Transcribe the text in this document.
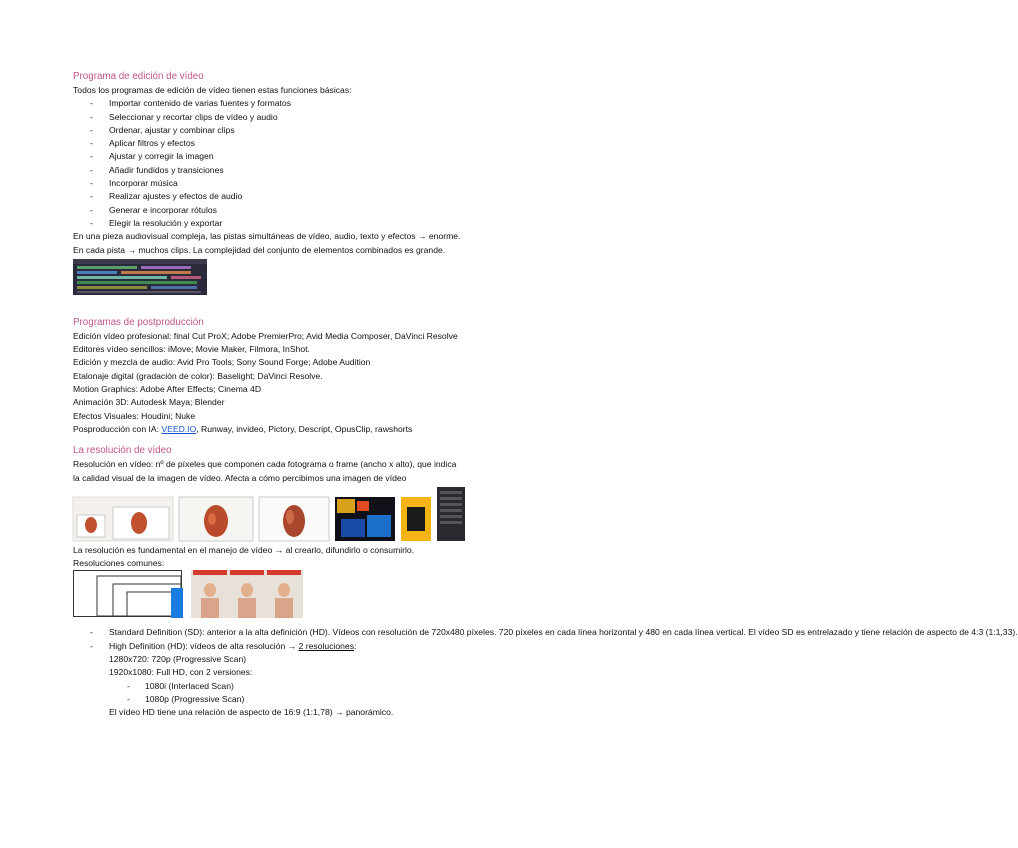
Programa de edición de vídeo
Todos los programas de edición de vídeo tienen estas funciones básicas:
- Importar contenido de varias fuentes y formatos
- Seleccionar y recortar clips de vídeo y audio
- Ordenar, ajustar y combinar clips
- Aplicar filtros y efectos
- Ajustar y corregir la imagen
- Añadir fundidos y transiciones
- Incorporar música
- Realizar ajustes y efectos de audio
- Generar e incorporar rótulos
- Elegir la resolución y exportar
En una pieza audiovisual compleja, las pistas simultáneas de vídeo, audio, texto y efectos → enorme.
En cada pista → muchos clips. La complejidad del conjunto de elementos combinados es grande.
Programas de postproducción
Edición vídeo profesional: final Cut ProX; Adobe PremierPro; Avid Media Composer, DaVinci Resolve
Editores vídeo sencillos: iMove; Movie Maker, Filmora, InShot.
Edición y mezcla de audio: Avid Pro Tools; Sony Sound Forge; Adobe Audition
Etalonaje digital (gradación de color): Baselight; DaVinci Resolve.
Motion Graphics: Adobe After Effects; Cinema 4D
Animación 3D: Autodesk Maya; Blender
Efectos Visuales: Houdini; Nuke
Posproducción con IA: VEED.IO, Runway, invideo, Pictory, Descript, OpusClip, rawshorts
La resolución de vídeo
Resolución en vídeo: nº de píxeles que componen cada fotograma o frame (ancho x alto), que indica
la calidad visual de la imagen de vídeo. Afecta a cómo percibimos una imagen de vídeo
La resolución es fundamental en el manejo de vídeo → al crearlo, difundirlo o consumirlo.
Resoluciones comunes:
- Standard Definition (SD): anterior a la alta definición (HD). Vídeos con resolución de 720x480 píxeles. 720 píxeles en cada línea horizontal y 480 en cada línea vertical. El vídeo SD es entrelazado y tiene relación de aspecto de 4:3 (1:1,33).
- High Definition (HD): vídeos de alta resolución → 2 resoluciones:
1280x720: 720p (Progressive Scan)
1920x1080: Full HD, con 2 versiones:
- 1080i (Interlaced Scan)
- 1080p (Progressive Scan)
El vídeo HD tiene una relación de aspecto de 16:9 (1:1,78) → panorámico.
